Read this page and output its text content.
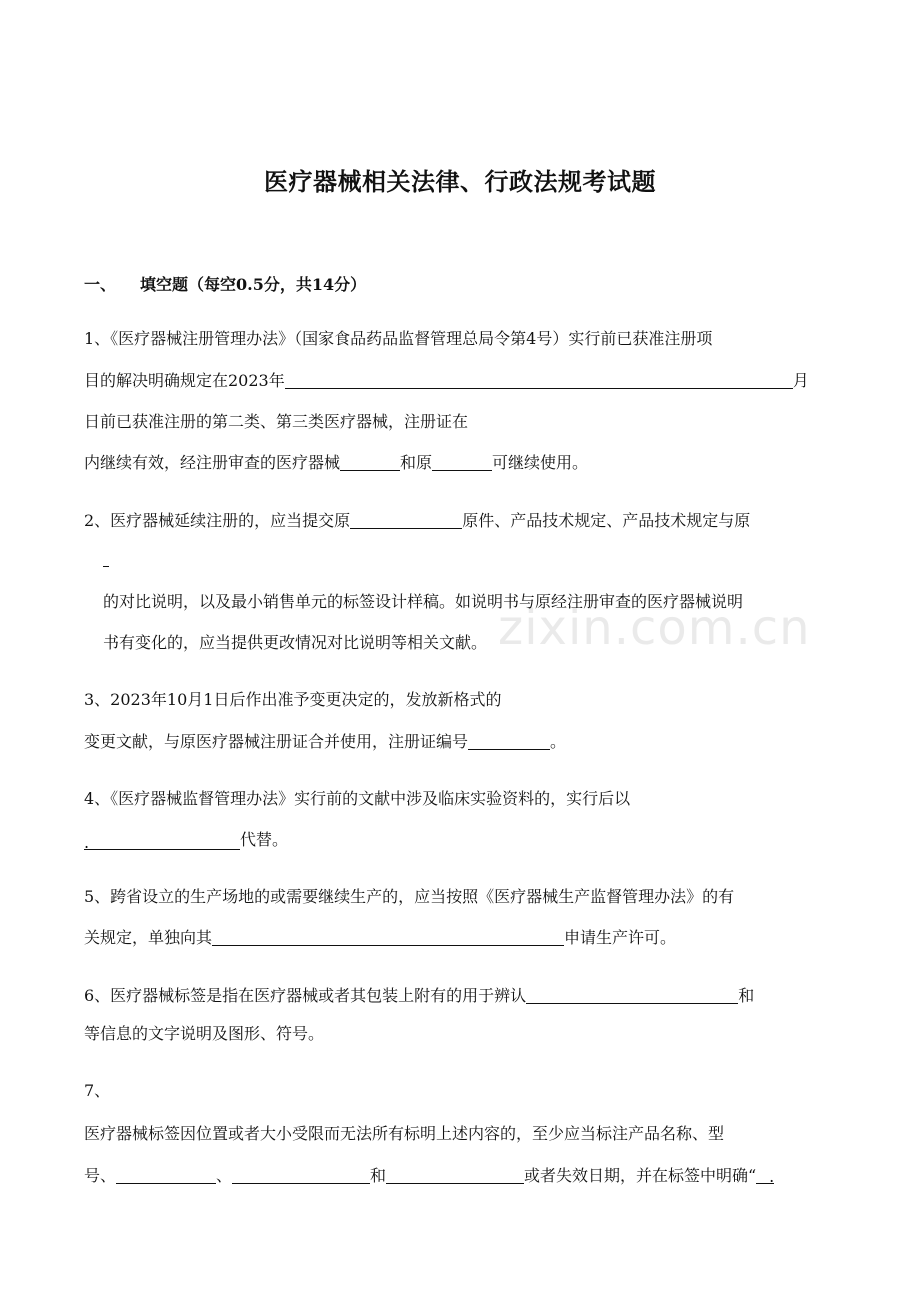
zixin.com.cn
医疗器械相关法律、行政法规考试题
一、 填空题（每空0.5分，共14分）
1、《医疗器械注册管理办法》（国家食品药品监督管理总局令第4号）实行前已获准注册项
目的解决明确规定在2023年	月
日前已获准注册的第二类、第三类医疗器械，注册证在
内继续有效，经注册审查的医疗器械	和原	可继续使用。
2、医疗器械延续注册的，应当提交原	原件、产品技术规定、产品技术规定与原
的对比说明，以及最小销售单元的标签设计样稿。如说明书与原经注册审查的医疗器械说明
书有变化的，应当提供更改情况对比说明等相关文献。
3、2023年10月1日后作出准予变更决定的，发放新格式的
变更文献，与原医疗器械注册证合并使用，注册证编号	。
4、《医疗器械监督管理办法》实行前的文献中涉及临床实验资料的，实行后以
.	代替。
5、跨省设立的生产场地的或需要继续生产的，应当按照《医疗器械生产监督管理办法》的有
关规定，单独向其	申请生产许可。
6、医疗器械标签是指在医疗器械或者其包装上附有的用于辨认	和
等信息的文字说明及图形、符号。
7、
医疗器械标签因位置或者大小受限而无法所有标明上述内容的，至少应当标注产品名称、型
号、	、	和	或者失效日期，并在标签中明确“ .
